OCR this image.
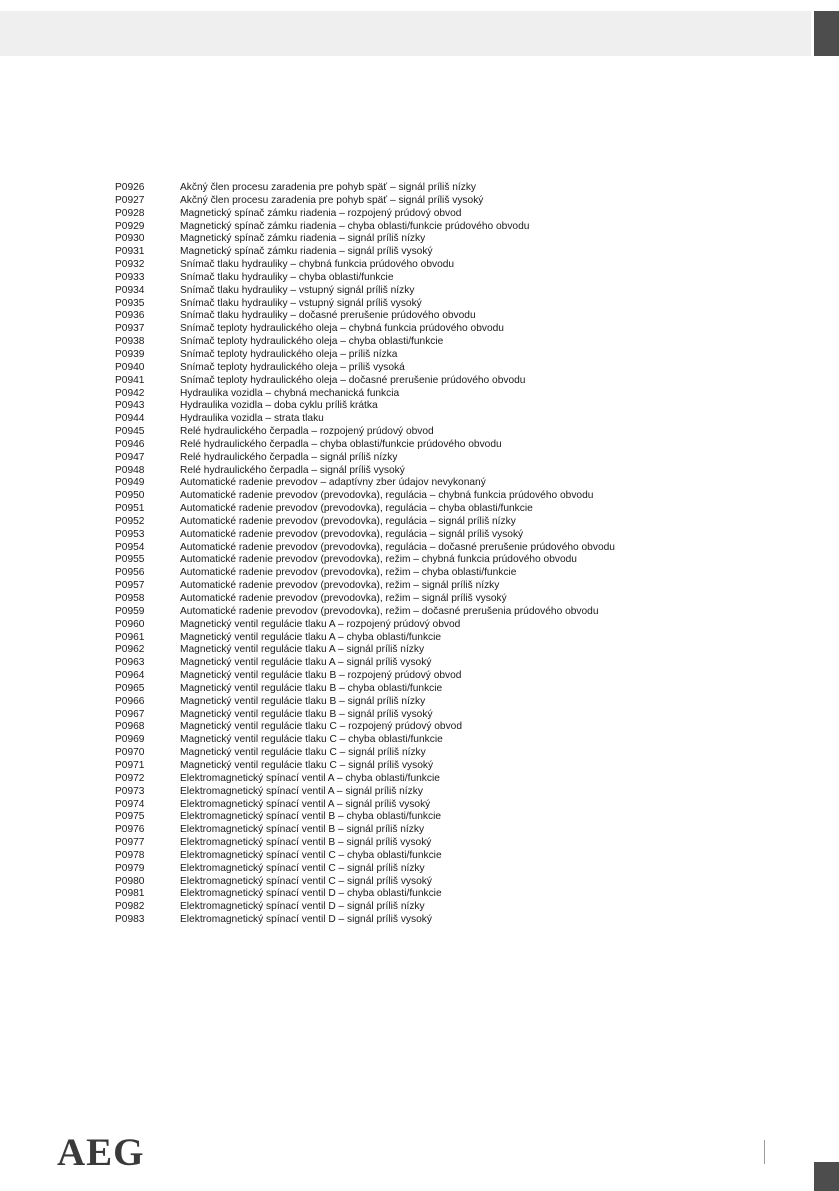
P0926	Akčný člen procesu zaradenia pre pohyb späť – signál príliš nízky
P0927	Akčný člen procesu zaradenia pre pohyb späť – signál príliš vysoký
P0928	Magnetický spínač zámku riadenia – rozpojený prúdový obvod
P0929	Magnetický spínač zámku riadenia – chyba oblasti/funkcie prúdového obvodu
P0930	Magnetický spínač zámku riadenia – signál príliš nízky
P0931	Magnetický spínač zámku riadenia – signál príliš vysoký
P0932	Snímač tlaku hydrauliky – chybná funkcia prúdového obvodu
P0933	Snímač tlaku hydrauliky – chyba oblasti/funkcie
P0934	Snímač tlaku hydrauliky – vstupný signál príliš nízky
P0935	Snímač tlaku hydrauliky – vstupný signál príliš vysoký
P0936	Snímač tlaku hydrauliky – dočasné prerušenie prúdového obvodu
P0937	Snímač teploty hydraulického oleja – chybná funkcia prúdového obvodu
P0938	Snímač teploty hydraulického oleja – chyba oblasti/funkcie
P0939	Snímač teploty hydraulického oleja – príliš nízka
P0940	Snímač teploty hydraulického oleja – príliš vysoká
P0941	Snímač teploty hydraulického oleja – dočasné prerušenie prúdového obvodu
P0942	Hydraulika vozidla – chybná mechanická funkcia
P0943	Hydraulika vozidla – doba cyklu príliš krátka
P0944	Hydraulika vozidla – strata tlaku
P0945	Relé hydraulického čerpadla – rozpojený prúdový obvod
P0946	Relé hydraulického čerpadla – chyba oblasti/funkcie prúdového obvodu
P0947	Relé hydraulického čerpadla – signál príliš nízky
P0948	Relé hydraulického čerpadla – signál príliš vysoký
P0949	Automatické radenie prevodov – adaptívny zber údajov nevykonaný
P0950	Automatické radenie prevodov (prevodovka), regulácia – chybná funkcia prúdového obvodu
P0951	Automatické radenie prevodov (prevodovka), regulácia – chyba oblasti/funkcie
P0952	Automatické radenie prevodov (prevodovka), regulácia – signál príliš nízky
P0953	Automatické radenie prevodov (prevodovka), regulácia – signál príliš vysoký
P0954	Automatické radenie prevodov (prevodovka), regulácia – dočasné prerušenie prúdového obvodu
P0955	Automatické radenie prevodov (prevodovka), režim – chybná funkcia prúdového obvodu
P0956	Automatické radenie prevodov (prevodovka), režim – chyba oblasti/funkcie
P0957	Automatické radenie prevodov (prevodovka), režim – signál príliš nízky
P0958	Automatické radenie prevodov (prevodovka), režim – signál príliš vysoký
P0959	Automatické radenie prevodov (prevodovka), režim – dočasné prerušenia prúdového obvodu
P0960	Magnetický ventil regulácie tlaku A – rozpojený prúdový obvod
P0961	Magnetický ventil regulácie tlaku A – chyba oblasti/funkcie
P0962	Magnetický ventil regulácie tlaku A – signál príliš nízky
P0963	Magnetický ventil regulácie tlaku A – signál príliš vysoký
P0964	Magnetický ventil regulácie tlaku B – rozpojený prúdový obvod
P0965	Magnetický ventil regulácie tlaku B – chyba oblasti/funkcie
P0966	Magnetický ventil regulácie tlaku B – signál príliš nízky
P0967	Magnetický ventil regulácie tlaku B – signál príliš vysoký
P0968	Magnetický ventil regulácie tlaku C – rozpojený prúdový obvod
P0969	Magnetický ventil regulácie tlaku C – chyba oblasti/funkcie
P0970	Magnetický ventil regulácie tlaku C – signál príliš nízky
P0971	Magnetický ventil regulácie tlaku C – signál príliš vysoký
P0972	Elektromagnetický spínací ventil A – chyba oblasti/funkcie
P0973	Elektromagnetický spínací ventil A – signál príliš nízky
P0974	Elektromagnetický spínací ventil A – signál príliš vysoký
P0975	Elektromagnetický spínací ventil B – chyba oblasti/funkcie
P0976	Elektromagnetický spínací ventil B – signál príliš nízky
P0977	Elektromagnetický spínací ventil B – signál príliš vysoký
P0978	Elektromagnetický spínací ventil C – chyba oblasti/funkcie
P0979	Elektromagnetický spínací ventil C – signál príliš nízky
P0980	Elektromagnetický spínací ventil C – signál príliš vysoký
P0981	Elektromagnetický spínací ventil D – chyba oblasti/funkcie
P0982	Elektromagnetický spínací ventil D – signál príliš nízky
P0983	Elektromagnetický spínací ventil D – signál príliš vysoký
AEG
